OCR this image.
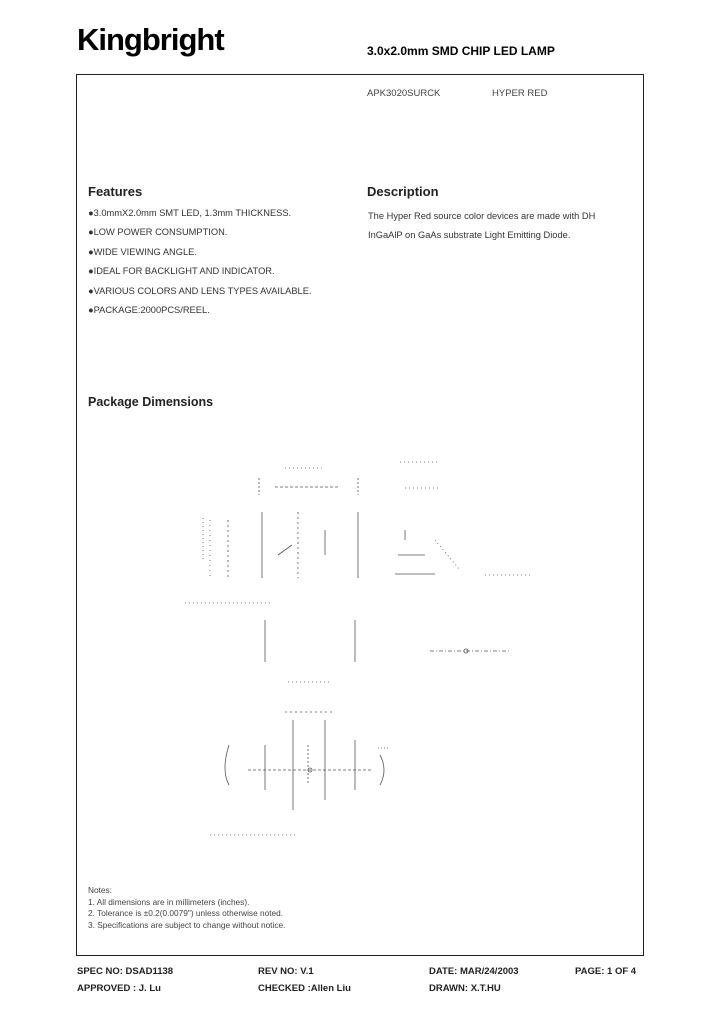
Kingbright	3.0x2.0mm SMD CHIP LED LAMP
APK3020SURCK	HYPER RED
Features
●3.0mmX2.0mm SMT LED, 1.3mm THICKNESS.
●LOW POWER CONSUMPTION.
●WIDE VIEWING ANGLE.
●IDEAL FOR BACKLIGHT AND INDICATOR.
●VARIOUS COLORS AND LENS TYPES AVAILABLE.
●PACKAGE:2000PCS/REEL.
Description
The Hyper Red source color devices are made with DH InGaAlP on GaAs substrate Light Emitting Diode.
Package Dimensions
Notes:
1. All dimensions are in millimeters (inches).
2. Tolerance is ±0.2(0.0079") unless otherwise noted.
3. Specifications are subject to change without notice.
SPEC NO: DSAD1138	REV NO: V.1	DATE: MAR/24/2003	PAGE: 1 OF 4
APPROVED : J. Lu	CHECKED :Allen Liu	DRAWN: X.T.HU
